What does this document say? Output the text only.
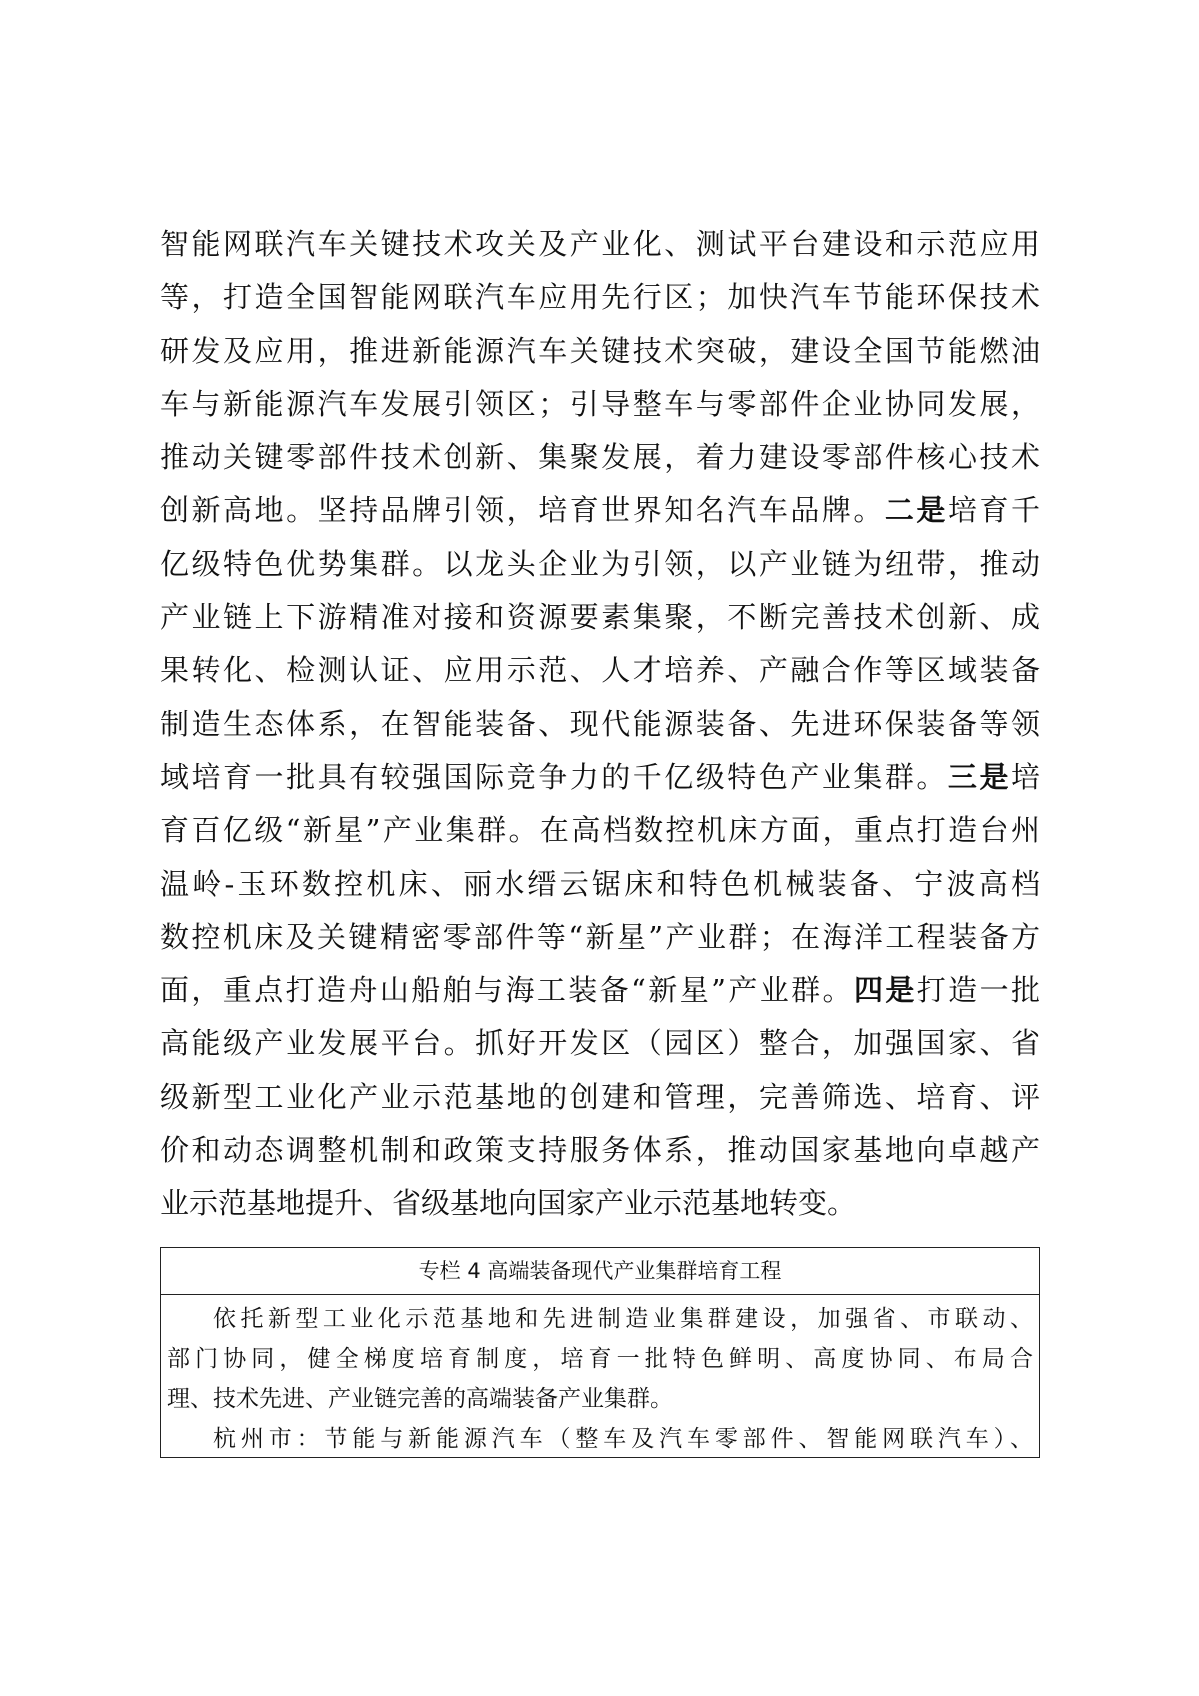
智能网联汽车关键技术攻关及产业化、测试平台建设和示范应用
等，打造全国智能网联汽车应用先行区；加快汽车节能环保技术
研发及应用，推进新能源汽车关键技术突破，建设全国节能燃油
车与新能源汽车发展引领区；引导整车与零部件企业协同发展，
推动关键零部件技术创新、集聚发展，着力建设零部件核心技术
创新高地。坚持品牌引领，培育世界知名汽车品牌。二是培育千
亿级特色优势集群。以龙头企业为引领，以产业链为纽带，推动
产业链上下游精准对接和资源要素集聚，不断完善技术创新、成
果转化、检测认证、应用示范、人才培养、产融合作等区域装备
制造生态体系，在智能装备、现代能源装备、先进环保装备等领
域培育一批具有较强国际竞争力的千亿级特色产业集群。三是培
育百亿级“新星”产业集群。在高档数控机床方面，重点打造台州
温岭-玉环数控机床、丽水缙云锯床和特色机械装备、宁波高档
数控机床及关键精密零部件等“新星”产业群；在海洋工程装备方
面，重点打造舟山船舶与海工装备“新星”产业群。四是打造一批
高能级产业发展平台。抓好开发区（园区）整合，加强国家、省
级新型工业化产业示范基地的创建和管理，完善筛选、培育、评
价和动态调整机制和政策支持服务体系，推动国家基地向卓越产
业示范基地提升、省级基地向国家产业示范基地转变。
专栏 4 高端装备现代产业集群培育工程
依托新型工业化示范基地和先进制造业集群建设，加强省、市联动、
部门协同，健全梯度培育制度，培育一批特色鲜明、高度协同、布局合
理、技术先进、产业链完善的高端装备产业集群。
杭州市：节能与新能源汽车（整车及汽车零部件、智能网联汽车）、
